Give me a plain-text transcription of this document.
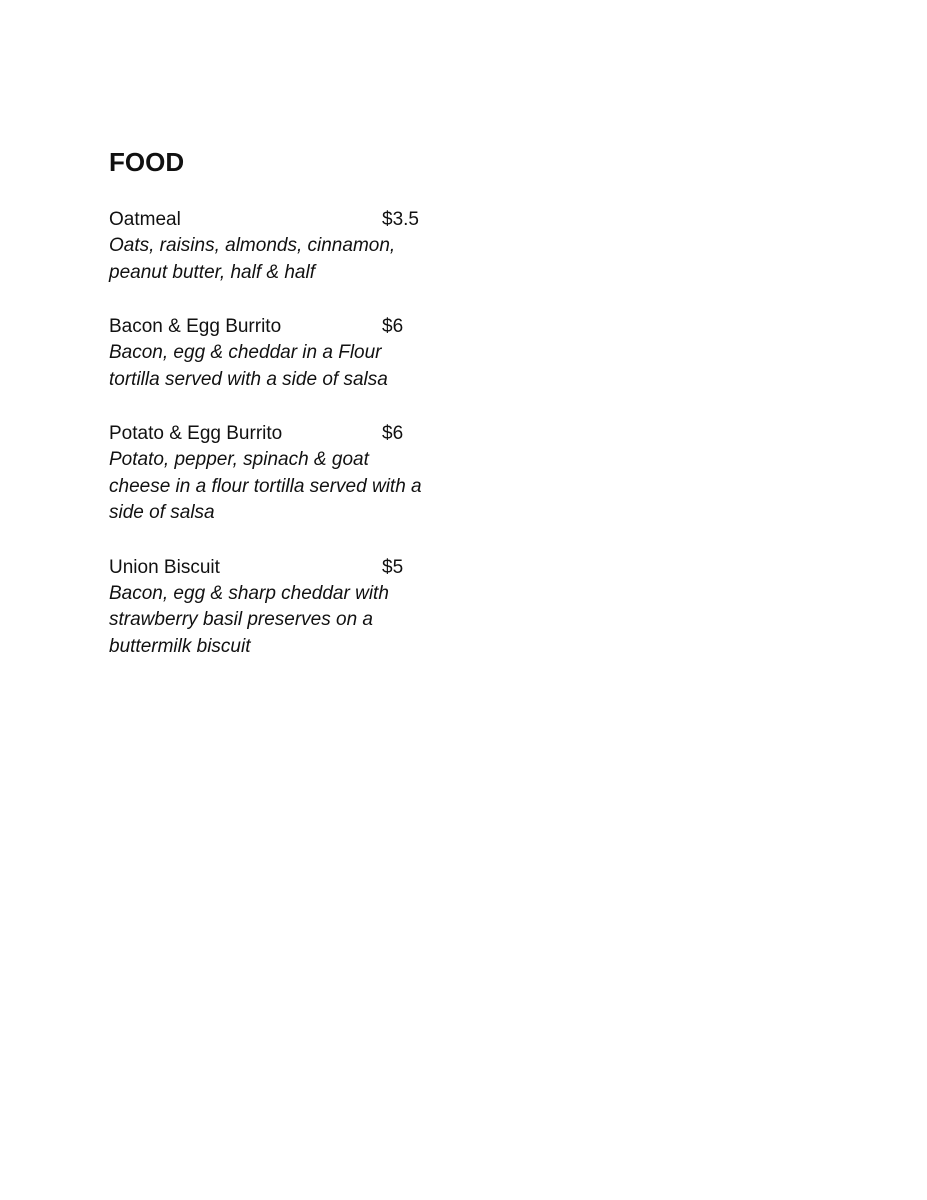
FOOD
Oatmeal	$3.5

Oats, raisins, almonds, cinnamon,
peanut butter, half & half

Bacon & Egg Burrito	$6

Bacon, egg & cheddar in a Flour
tortilla served with a side of salsa

Potato & Egg Burrito	$6

Potato, pepper, spinach & goat
cheese in a flour tortilla served with a
side of salsa

Union Biscuit	$5

Bacon, egg & sharp cheddar with
strawberry basil preserves on a
buttermilk biscuit
